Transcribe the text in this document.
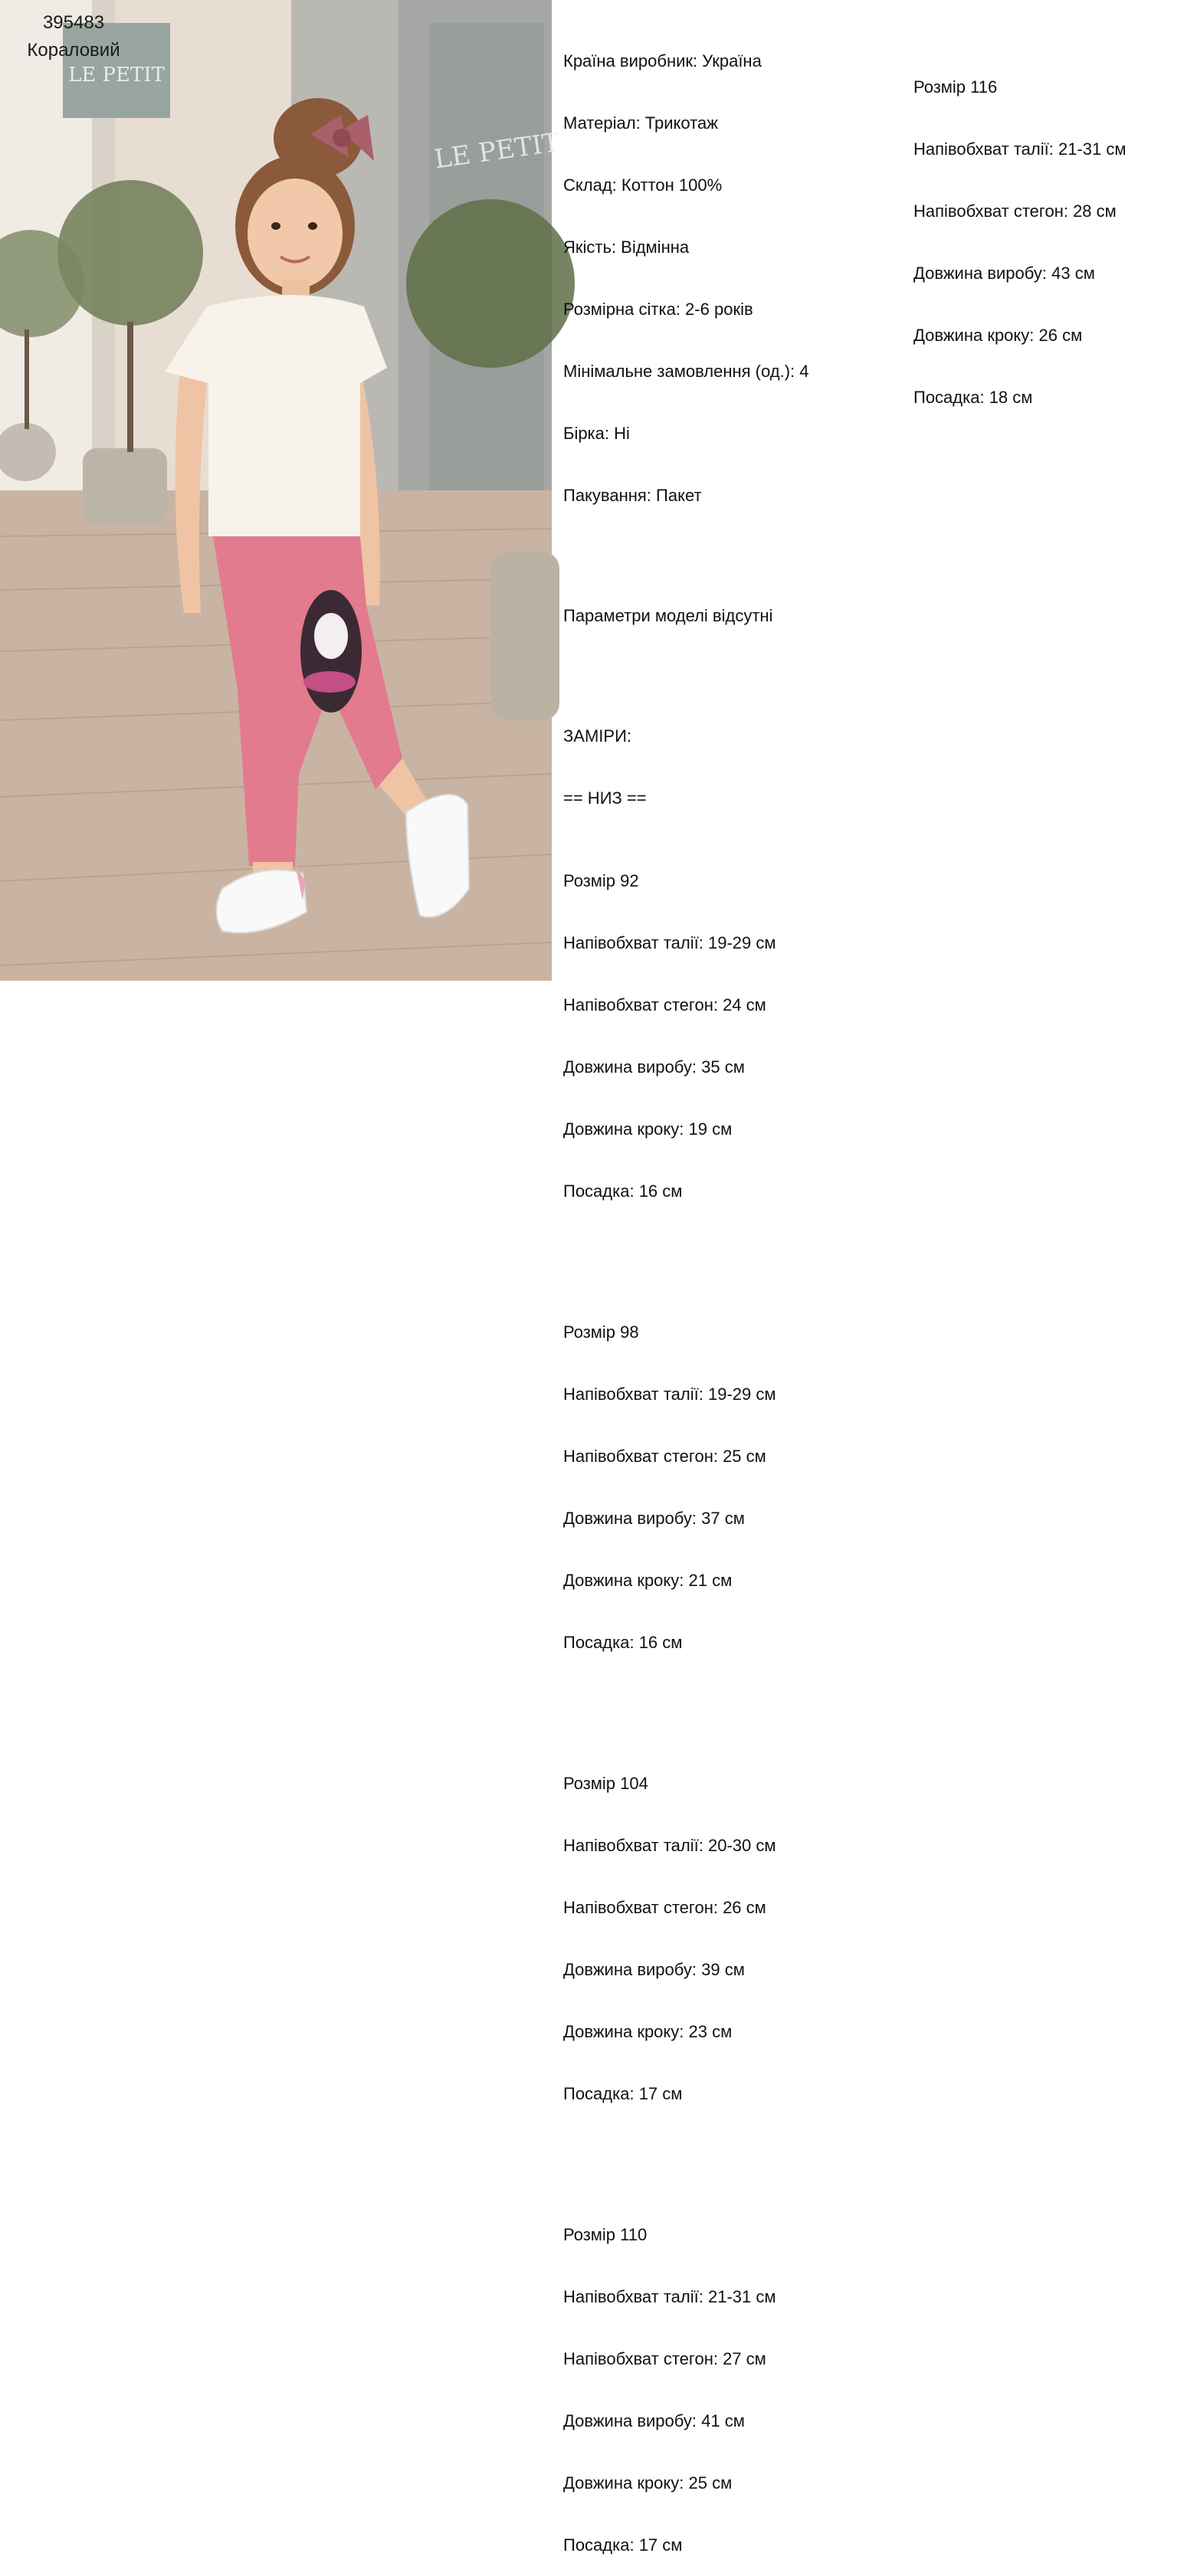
LE PETIT
LE PETIT
395483
Кораловий

Країна виробник: Україна

Матеріал: Трикотаж

Склад: Коттон 100%

Якість: Відмінна

Розмірна сітка: 2-6 років

Мінімальне замовлення (од.): 4

Бірка: Ні

Пакування: Пакет

Параметри моделі відсутні

ЗАМІРИ:

== НИЗ ==

Розмір 92

Напівобхват талії: 19-29 см

Напівобхват стегон: 24 см

Довжина виробу: 35 см

Довжина кроку: 19 см

Посадка: 16 см

Розмір 98

Напівобхват талії: 19-29 см

Напівобхват стегон: 25 см

Довжина виробу: 37 см

Довжина кроку: 21 см

Посадка: 16 см

Розмір 104

Напівобхват талії: 20-30 см

Напівобхват стегон: 26 см

Довжина виробу: 39 см

Довжина кроку: 23 см

Посадка: 17 см

Розмір 110

Напівобхват талії: 21-31 см

Напівобхват стегон: 27 см

Довжина виробу: 41 см

Довжина кроку: 25 см

Посадка: 17 см

Розмір 116

Напівобхват талії: 21-31 см

Напівобхват стегон: 28 см

Довжина виробу: 43 см

Довжина кроку: 26 см

Посадка: 18 см
